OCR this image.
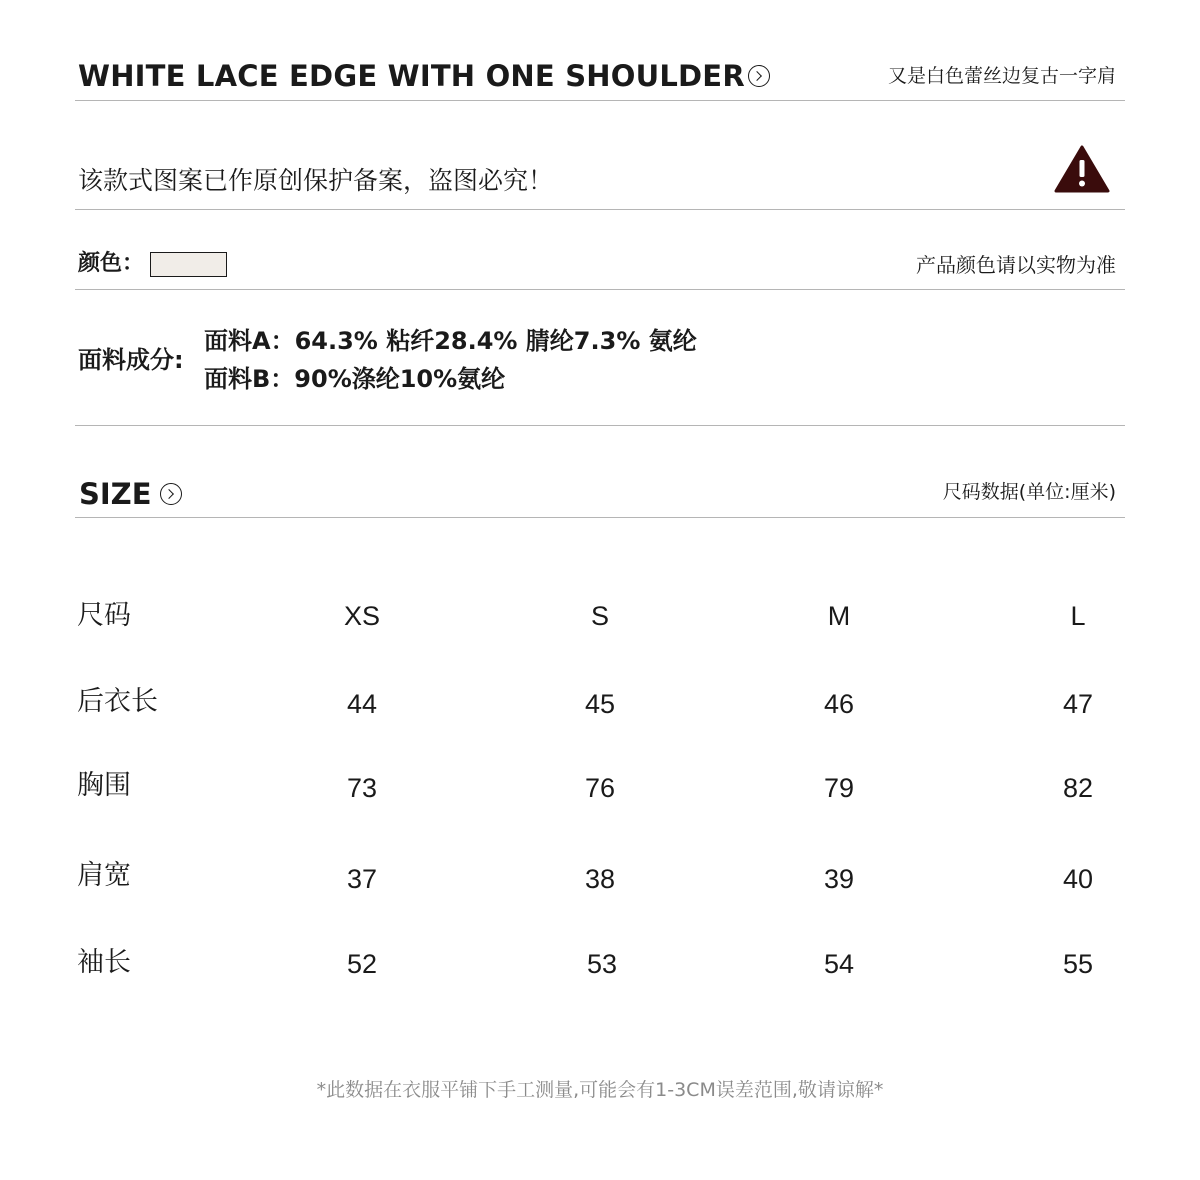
WHITE LACE EDGE WITH ONE SHOULDER	又是白色蕾丝边复古一字肩
该款式图案已作原创保护备案，盗图必究！
颜色：	产品颜色请以实物为准
面料成分:
面料A：64.3% 粘纤28.4% 腈纶7.3% 氨纶
面料B：90%涤纶10%氨纶
SIZE	尺码数据(单位:厘米)
尺码	XS	S	M	L
后衣长	44	45	46	47
胸围	73	76	79	82
肩宽	37	38	39	40
袖长	52	53	54	55
*此数据在衣服平铺下手工测量,可能会有1-3CM误差范围,敬请谅解*
